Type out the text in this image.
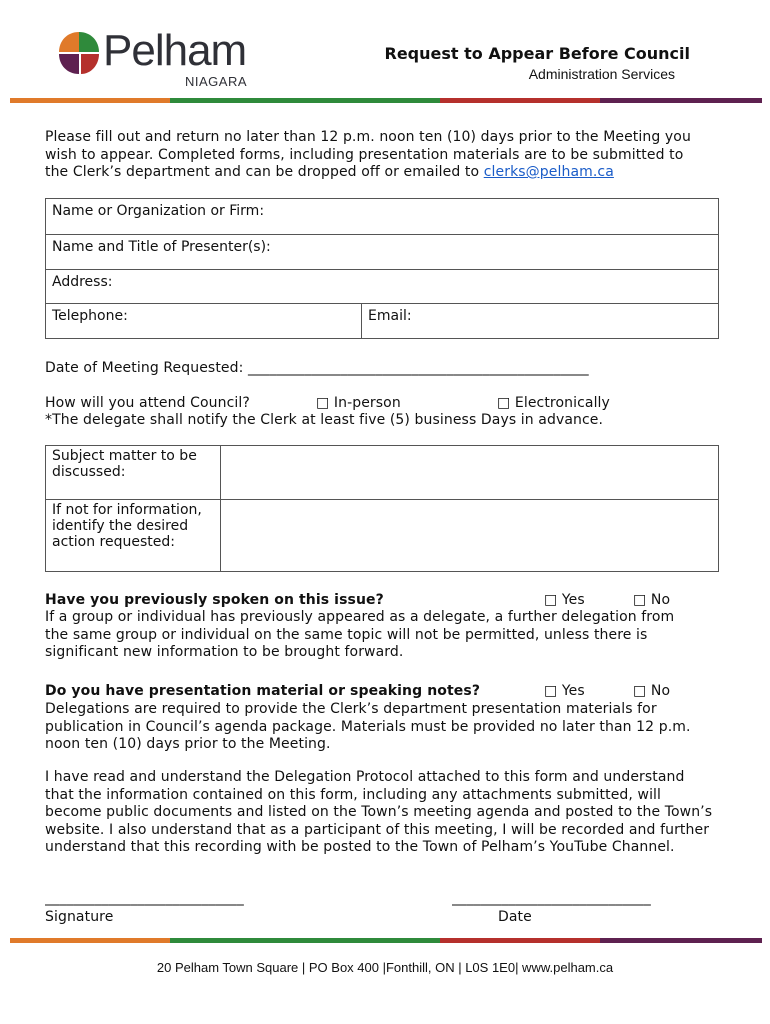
Pelham
NIAGARA
Request to Appear Before Council
Administration Services
Please fill out and return no later than 12 p.m. noon ten (10) days prior to the Meeting you wish to appear. Completed forms, including presentation materials are to be submitted to the Clerk’s department and can be dropped off or emailed to clerks@pelham.ca
Name or Organization or Firm:
Name and Title of Presenter(s):
Address:
Telephone:	Email:
Date of Meeting Requested: ________________________________________________
How will you attend Council?	□ In-person	□ Electronically
*The delegate shall notify the Clerk at least five (5) business Days in advance.
Subject matter to be discussed:	
If not for information, identify the desired action requested:	
Have you previously spoken on this issue?	□ Yes	□ No
If a group or individual has previously appeared as a delegate, a further delegation from the same group or individual on the same topic will not be permitted, unless there is significant new information to be brought forward.
Do you have presentation material or speaking notes?	□ Yes	□ No
Delegations are required to provide the Clerk’s department presentation materials for publication in Council’s agenda package. Materials must be provided no later than 12 p.m. noon ten (10) days prior to the Meeting.
I have read and understand the Delegation Protocol attached to this form and understand that the information contained on this form, including any attachments submitted, will become public documents and listed on the Town’s meeting agenda and posted to the Town’s website. I also understand that as a participant of this meeting, I will be recorded and further understand that this recording with be posted to the Town of Pelham’s YouTube Channel.
____________________________
Signature
____________________________
Date
20 Pelham Town Square | PO Box 400 |Fonthill, ON | L0S 1E0| www.pelham.ca
